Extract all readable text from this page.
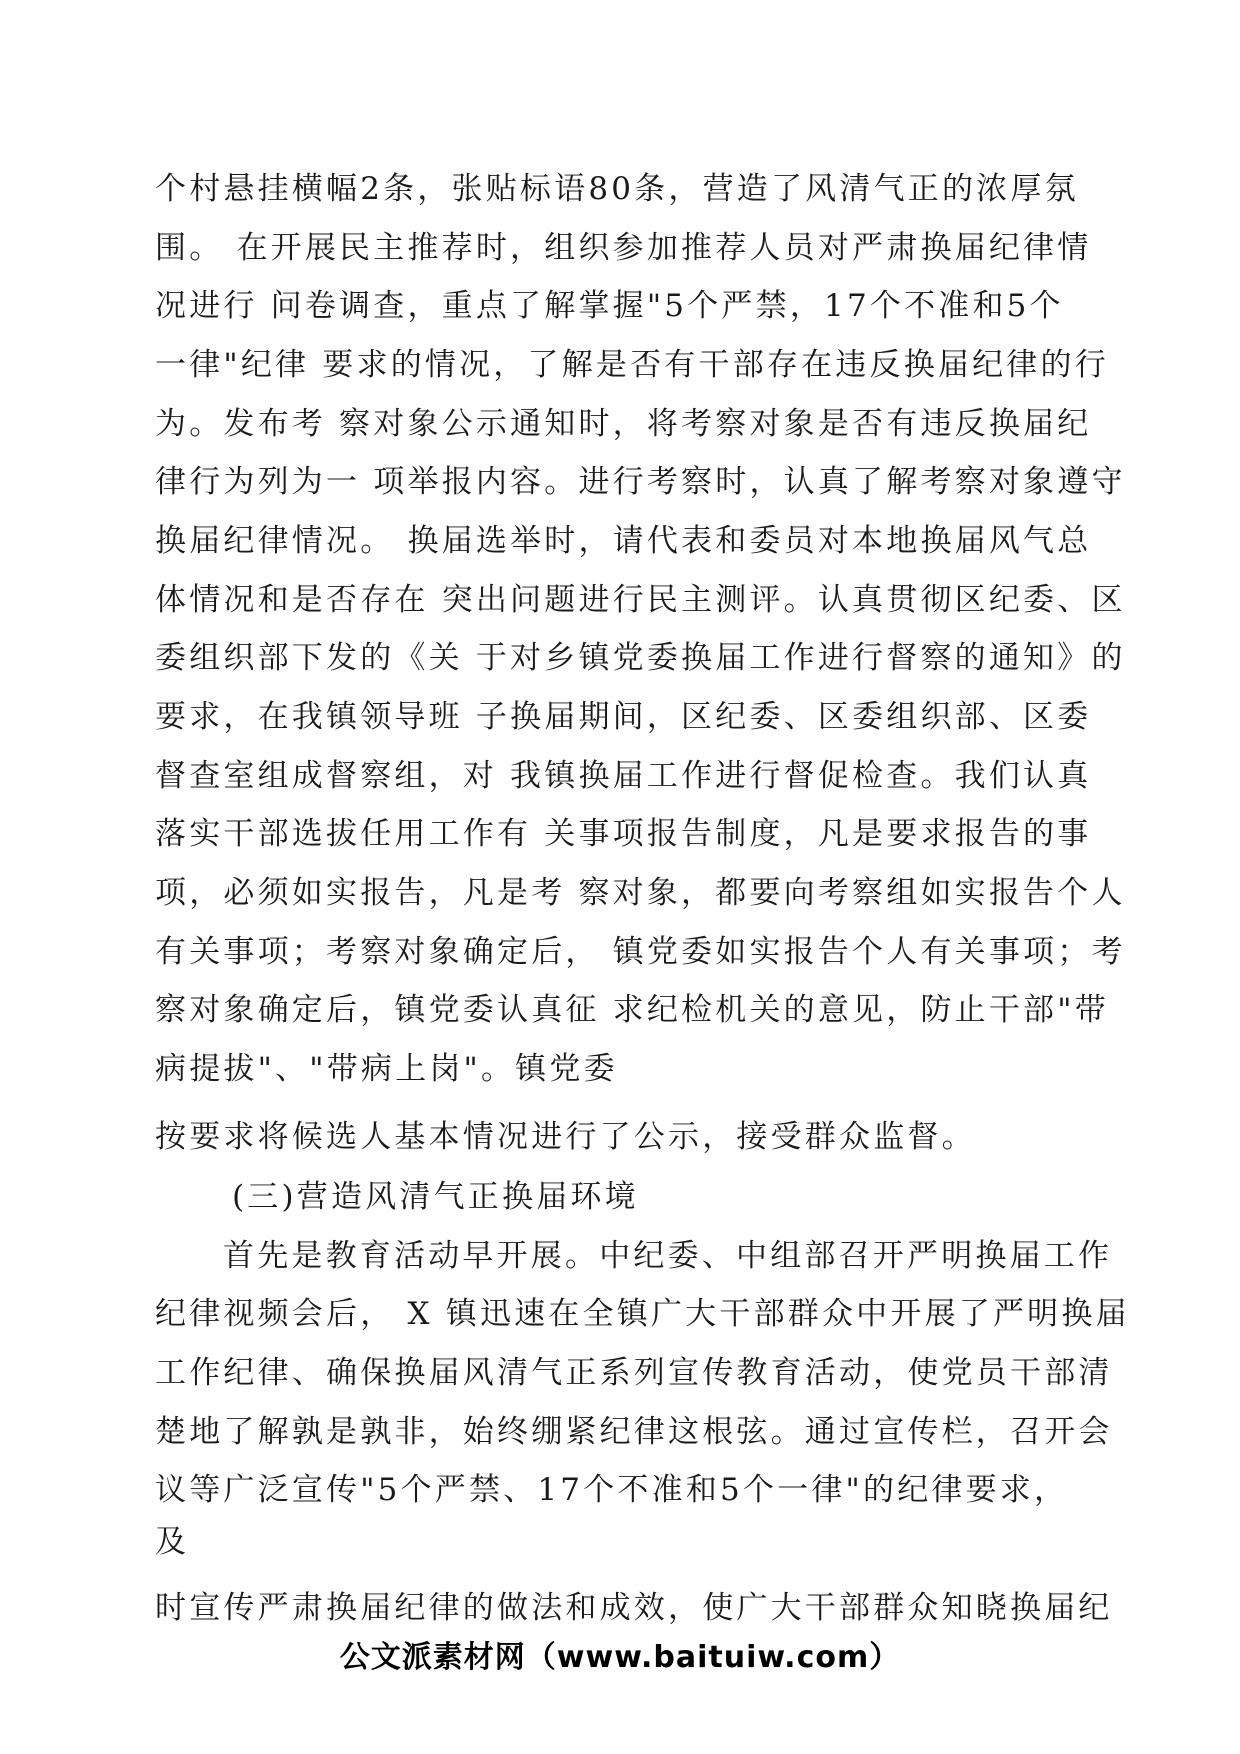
个村悬挂横幅2条，张贴标语80条，营造了风清气正的浓厚氛
围。 在开展民主推荐时，组织参加推荐人员对严肃换届纪律情
况进行 问卷调查，重点了解掌握"5个严禁，17个不准和5个
一律"纪律 要求的情况，了解是否有干部存在违反换届纪律的行
为。发布考 察对象公示通知时，将考察对象是否有违反换届纪
律行为列为一 项举报内容。进行考察时，认真了解考察对象遵守
换届纪律情况。 换届选举时，请代表和委员对本地换届风气总
体情况和是否存在 突出问题进行民主测评。认真贯彻区纪委、区
委组织部下发的《关 于对乡镇党委换届工作进行督察的通知》的
要求，在我镇领导班 子换届期间，区纪委、区委组织部、区委
督查室组成督察组，对 我镇换届工作进行督促检查。我们认真
落实干部选拔任用工作有 关事项报告制度，凡是要求报告的事
项，必须如实报告，凡是考 察对象，都要向考察组如实报告个人
有关事项；考察对象确定后， 镇党委如实报告个人有关事项；考
察对象确定后，镇党委认真征 求纪检机关的意见，防止干部"带
病提拔"、"带病上岗"。镇党委
按要求将候选人基本情况进行了公示，接受群众监督。
(三)营造风清气正换届环境
首先是教育活动早开展。中纪委、中组部召开严明换届工作
纪律视频会后， X 镇迅速在全镇广大干部群众中开展了严明换届
工作纪律、确保换届风清气正系列宣传教育活动，使党员干部清
楚地了解孰是孰非，始终绷紧纪律这根弦。通过宣传栏，召开会
议等广泛宣传"5个严禁、17个不准和5个一律"的纪律要求，
及
时宣传严肃换届纪律的做法和成效，使广大干部群众知晓换届纪
公文派素材网（www.baituiw.com）
